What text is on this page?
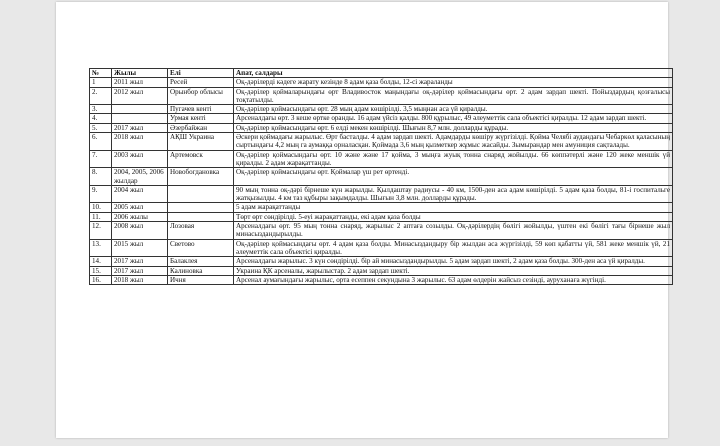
№	Жылы	Елі	Апат, салдары
1	2011 жыл	Ресей	Оқ-дәрілерді кәдеге жарату кезінде 8 адам қаза болды, 12-сі жараланды
2.	2012 жыл	Орынбор облысы	Оқ-дәрілер қоймаларындағы өрт Владивосток маңындағы оқ-дәрілер қоймасындағы өрт. 2 адам зардап шекті. Пойыздардың қозғалысы тоқтатылды.
3.		Пугачев кенті	Оқ-дәрілер қоймасындағы өрт. 28 мың адам көшірілді. 3,5 мыңнан аса үй қиралды.
4.		Урмая кенті	Арсеналдағы өрт. 3 кеше өртке оранды. 16 адам үйсіз қалды. 800 құрылыс, 49 әлеуметтік сала объектісі қиралды. 12 адам зардап шекті.
5.	2017 жыл	Әзербайжан	Оқ-дәрілер қоймасындағы өрт. 6 елді мекен көшірілді. Шығын 8,7 млн. долларды құрады.
6.	2018 жыл	АҚШ Украина	Әскери қоймадағы жарылыс. Өрт басталды. 4 адам зардап шекті. Адамдарды көшіру жүргізілді. Қойма Челябі аудандағы Чебаркөл қаласының сыртындағы 4,2 мың га аумаққа орналасқан. Қоймада 3,6 мың қызметкер жұмыс жасайды. Зымырандар мен амуниция сақталады.
7.	2003 жыл	Артемовск	Оқ-дәрілер қоймасындағы өрт. 10 және және 17 қойма, 3 мыңға жуық тонна снаряд жойылды. 66 көппәтерлі және 120 жеке меншік үй қиралды. 2 адам жарақаттанды.
8.	2004, 2005, 2006 жылдар	Новобогдановка	Оқ-дәрілер қоймасындағы өрт. Қоймалар үш рет өртенді.
9.	2004 жыл		90 мың тонна оқ-дәрі бірнеше күн жарылды. Қылдаштау радиусы - 40 км, 1500-ден аса адам көшірілді. 5 адам қаза болды, 81-і госпитальге жатқызылды. 4 км таз құбыры зақымдалды. Шығын 3,8 млн. долларды құрады.
10.	2005 жыл		5 адам жарақаттанды
11.	2006 жылы		Төрт өрт сөндірілді. 5-еуі жарақаттанды, екі адам қаза болды
12.	2008 жыл	Лозовая	Арсеналдағы өрт. 95 мың тонна снаряд, жарылыс 2 аптаға созылды. Оқ-дәрілердің бөлігі жойылды, үштен екі бөлігі тағы бірнеше жыл минасыздандырылды.
13.	2015 жыл	Светово	Оқ-дәрілер қоймасындағы өрт. 4 адам қаза болды. Минасыздандыру бір жылдан аса жүргізілді, 59 көп қабатты үй, 581 жеке меншік үй, 21 әлеуметтік сала объектісі қиралды.
14.	2017 жыл	Балаклея	Арсеналдағы жарылыс. 3 күн сөндірілді. бір ай минасыздандырылды. 5 адам зардап шекті, 2 адам қаза болды. 300-ден аса үй қиралды.
15.	2017 жыл	Калиновка	Украина ҚК арсеналы, жарылыстар. 2 адам зардап шекті.
16.	2018 жыл	Ичня	Арсенал аумағындағы жарылыс, орта есеппен секундына 3 жарылыс. 63 адам өлдерін жайсыз сезінді, ауруханаға жүгінді.
